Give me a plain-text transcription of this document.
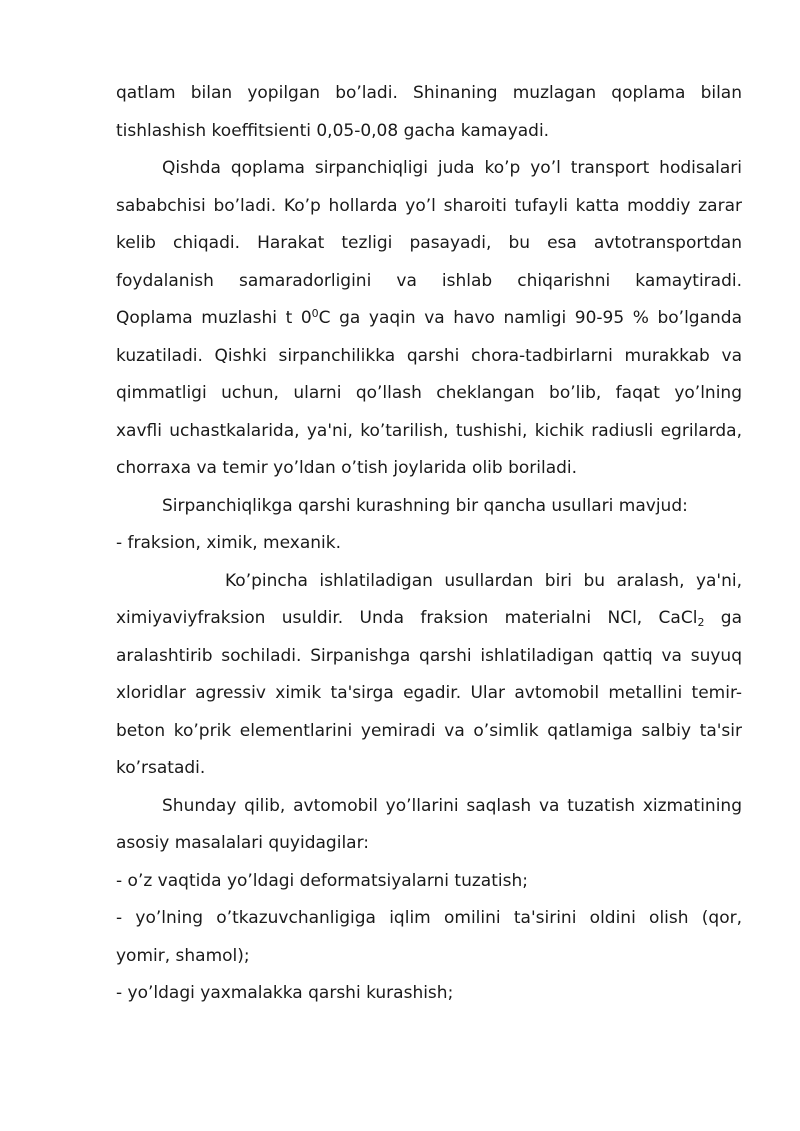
qatlam bilan yopilgan bo’ladi. Shinaning muzlagan qoplama bilan
tishlashish koeffitsienti 0,05-0,08 gacha kamayadi.
Qishda qoplama sirpanchiqligi juda ko’p yo’l transport hodisalari
sababchisi bo’ladi. Ko’p hollarda yo’l sharoiti tufayli katta moddiy zarar
kelib chiqadi. Harakat tezligi pasayadi, bu esa avtotransportdan
foydalanish samaradorligini va ishlab chiqarishni kamaytiradi.
Qoplama muzlashi t $0^0C$ ga yaqin va havo namligi 90-95 % bo’lganda
kuzatiladi. Qishki sirpanchilikka qarshi chora-tadbirlarni murakkab va
qimmatligi uchun, ularni qo’llash cheklangan bo’lib, faqat yo’lning
xavfli uchastkalarida, ya'ni, ko’tarilish, tushishi, kichik radiusli egrilarda,
chorraxa va temir yo’ldan o’tish joylarida olib boriladi.
Sirpanchiqlikga qarshi kurashning bir qancha usullari mavjud:
- fraksion, ximik, mexanik.
Ko’pincha ishlatiladigan usullardan biri bu aralash, ya'ni,
ximiyaviyfraksion usuldir. Unda fraksion materialni NCl, CaCl$_2$ ga
aralashtirib sochiladi. Sirpanishga qarshi ishlatiladigan qattiq va suyuq
xloridlar agressiv ximik ta'sirga egadir. Ular avtomobil metallini temir-
beton ko’prik elementlarini yemiradi va o’simlik qatlamiga salbiy ta'sir
ko’rsatadi.
Shunday qilib, avtomobil yo’llarini saqlash va tuzatish xizmatining
asosiy masalalari quyidagilar:
- o’z vaqtida yo’ldagi deformatsiyalarni tuzatish;
- yo’lning o’tkazuvchanligiga iqlim omilini ta'sirini oldini olish (qor,
yomir, shamol);
- yo’ldagi yaxmalakka qarshi kurashish;
